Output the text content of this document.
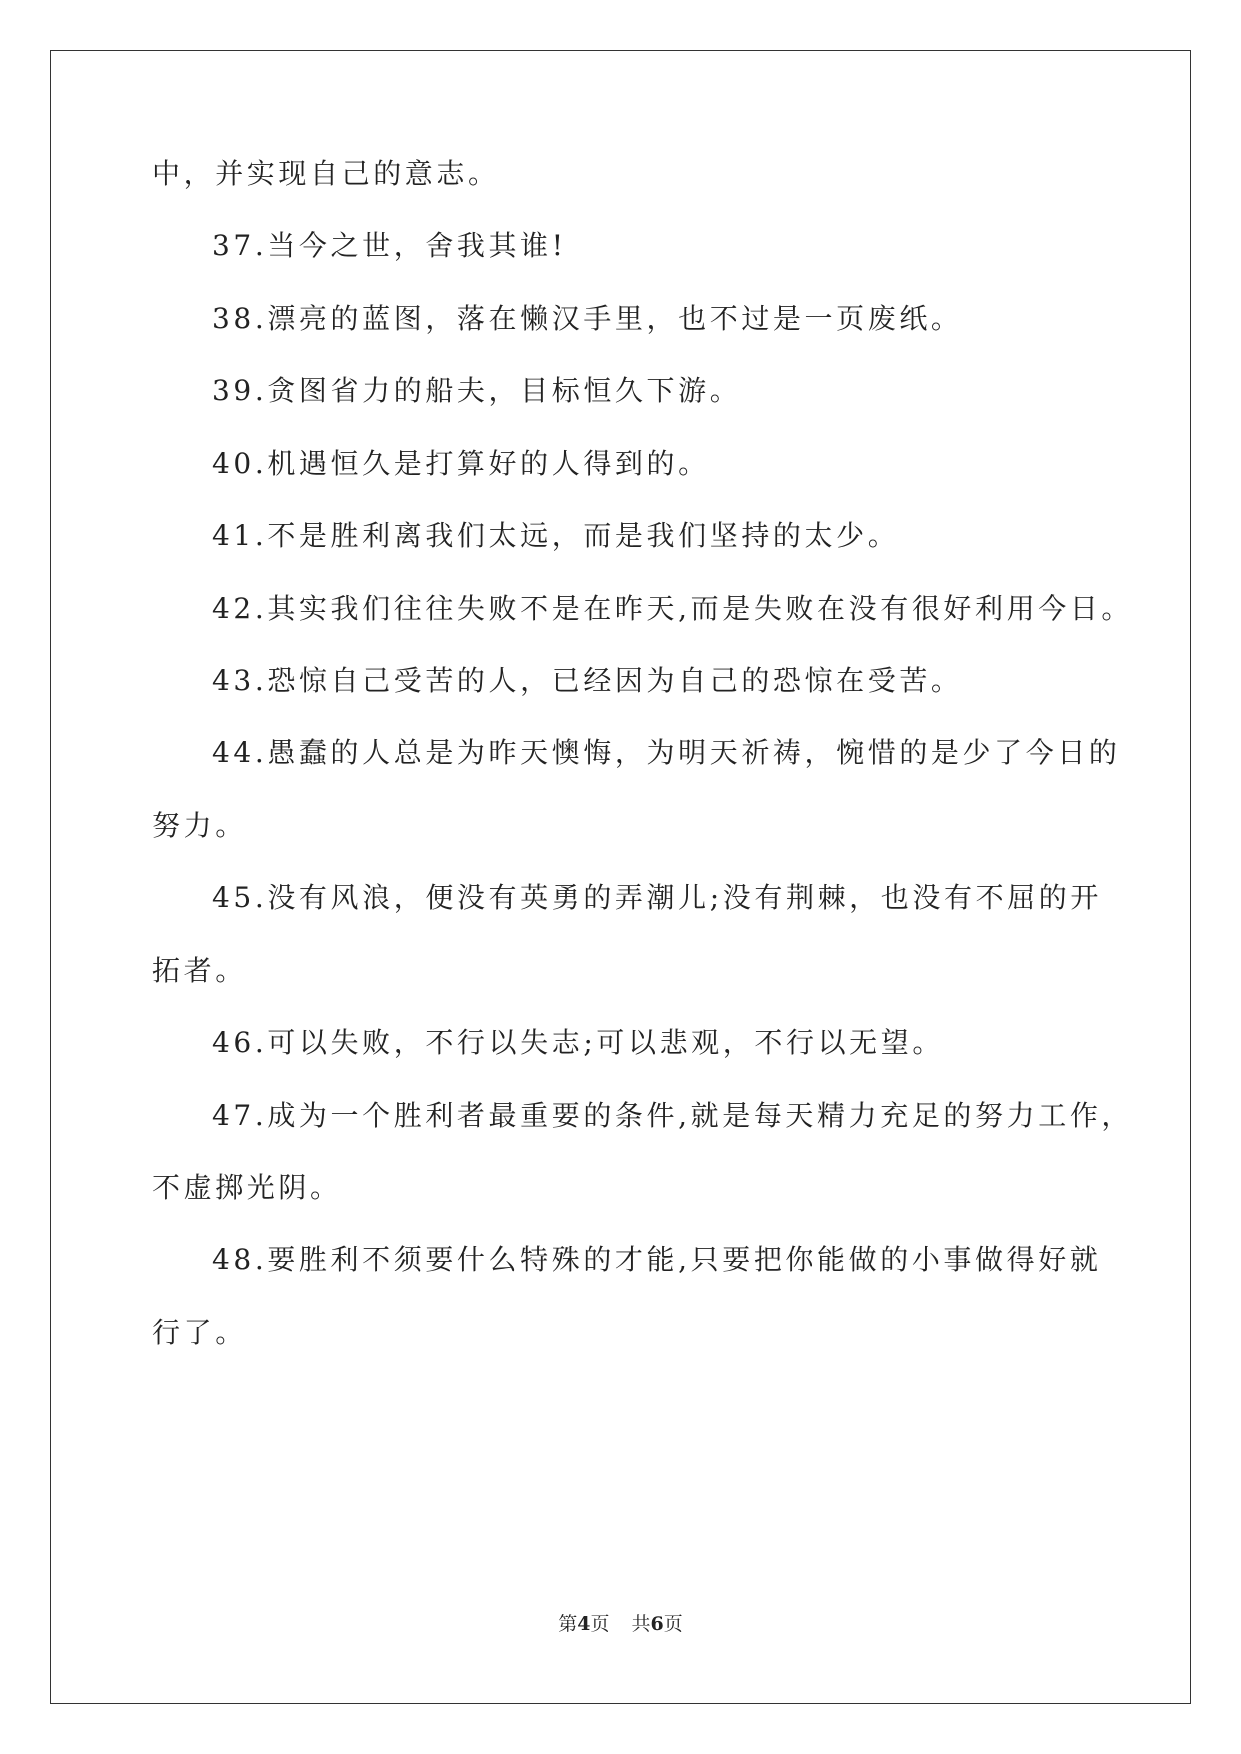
中，并实现自己的意志。
37.当今之世，舍我其谁!
38.漂亮的蓝图，落在懒汉手里，也不过是一页废纸。
39.贪图省力的船夫，目标恒久下游。
40.机遇恒久是打算好的人得到的。
41.不是胜利离我们太远，而是我们坚持的太少。
42.其实我们往往失败不是在昨天,而是失败在没有很好利用今日。
43.恐惊自己受苦的人，已经因为自己的恐惊在受苦。
44.愚蠢的人总是为昨天懊悔，为明天祈祷，惋惜的是少了今日的
努力。
45.没有风浪，便没有英勇的弄潮儿;没有荆棘，也没有不屈的开
拓者。
46.可以失败，不行以失志;可以悲观，不行以无望。
47.成为一个胜利者最重要的条件,就是每天精力充足的努力工作，
不虚掷光阴。
48.要胜利不须要什么特殊的才能,只要把你能做的小事做得好就
行了。
第4页 共6页
